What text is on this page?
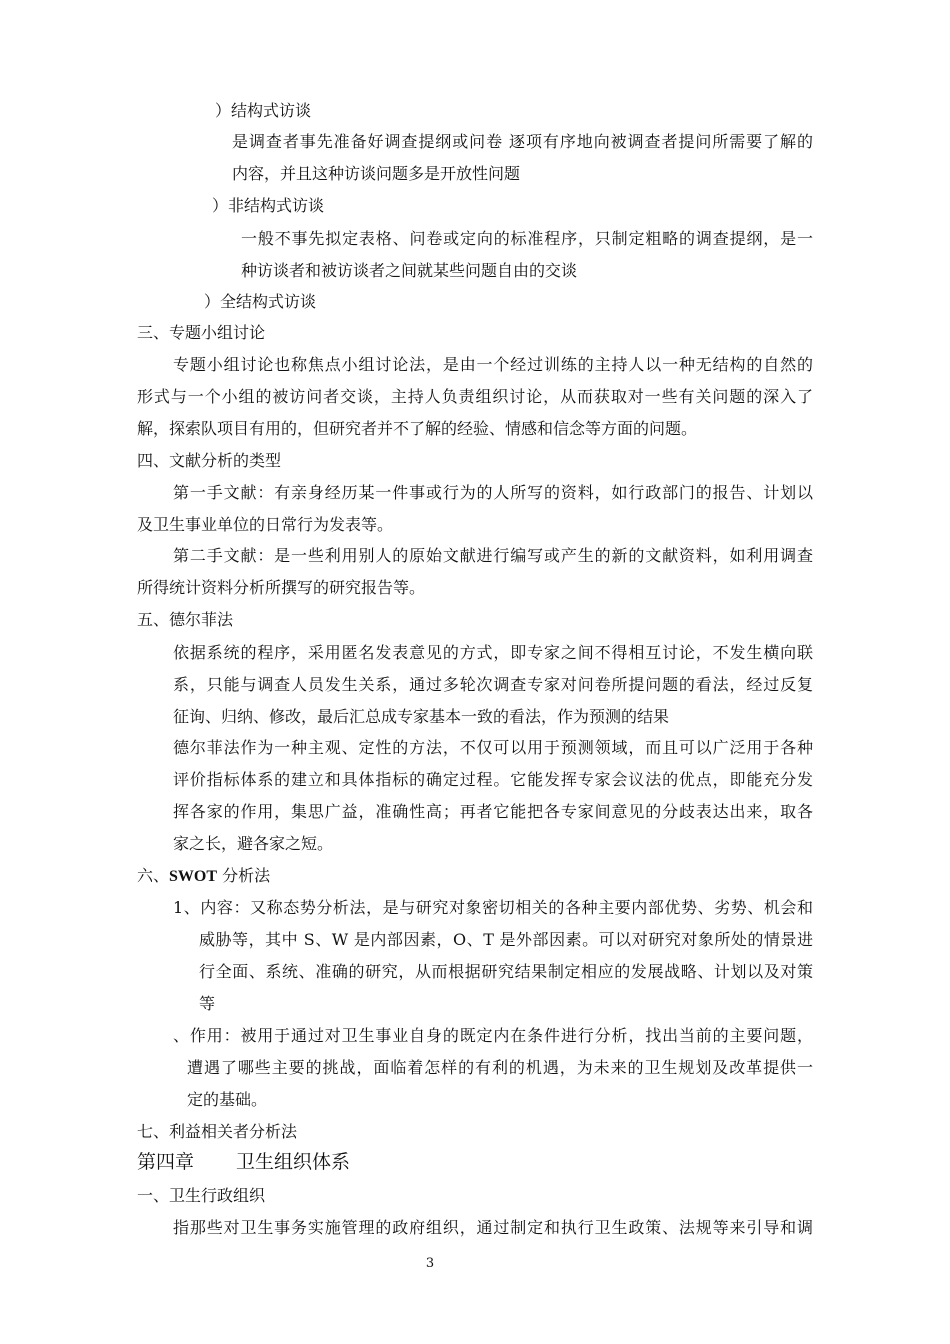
）结构式访谈
是调查者事先准备好调查提纲或问卷 逐项有序地向被调查者提问所需要了解的
内容，并且这种访谈问题多是开放性问题
）非结构式访谈
一般不事先拟定表格、问卷或定向的标准程序，只制定粗略的调查提纲，是一
种访谈者和被访谈者之间就某些问题自由的交谈
）全结构式访谈
三、专题小组讨论
专题小组讨论也称焦点小组讨论法，是由一个经过训练的主持人以一种无结构的自然的
形式与一个小组的被访问者交谈，主持人负责组织讨论，从而获取对一些有关问题的深入了
解，探索队项目有用的，但研究者并不了解的经验、情感和信念等方面的问题。
四、文献分析的类型
第一手文献：有亲身经历某一件事或行为的人所写的资料，如行政部门的报告、计划以
及卫生事业单位的日常行为发表等。
第二手文献：是一些利用别人的原始文献进行编写或产生的新的文献资料，如利用调查
所得统计资料分析所撰写的研究报告等。
五、德尔菲法
依据系统的程序，采用匿名发表意见的方式，即专家之间不得相互讨论，不发生横向联
系，只能与调查人员发生关系，通过多轮次调查专家对问卷所提问题的看法，经过反复
征询、归纳、修改，最后汇总成专家基本一致的看法，作为预测的结果
德尔菲法作为一种主观、定性的方法，不仅可以用于预测领域，而且可以广泛用于各种
评价指标体系的建立和具体指标的确定过程。它能发挥专家会议法的优点，即能充分发
挥各家的作用，集思广益，准确性高；再者它能把各专家间意见的分歧表达出来，取各
家之长，避各家之短。
六、SWOT 分析法
1、内容：又称态势分析法，是与研究对象密切相关的各种主要内部优势、劣势、机会和
威胁等，其中 S、W 是内部因素，O、T 是外部因素。可以对研究对象所处的情景进
行全面、系统、准确的研究，从而根据研究结果制定相应的发展战略、计划以及对策
等
、作用：被用于通过对卫生事业自身的既定内在条件进行分析，找出当前的主要问题，
遭遇了哪些主要的挑战，面临着怎样的有利的机遇，为未来的卫生规划及改革提供一
定的基础。
七、利益相关者分析法
第四章 卫生组织体系
一、卫生行政组织
指那些对卫生事务实施管理的政府组织，通过制定和执行卫生政策、法规等来引导和调
3
